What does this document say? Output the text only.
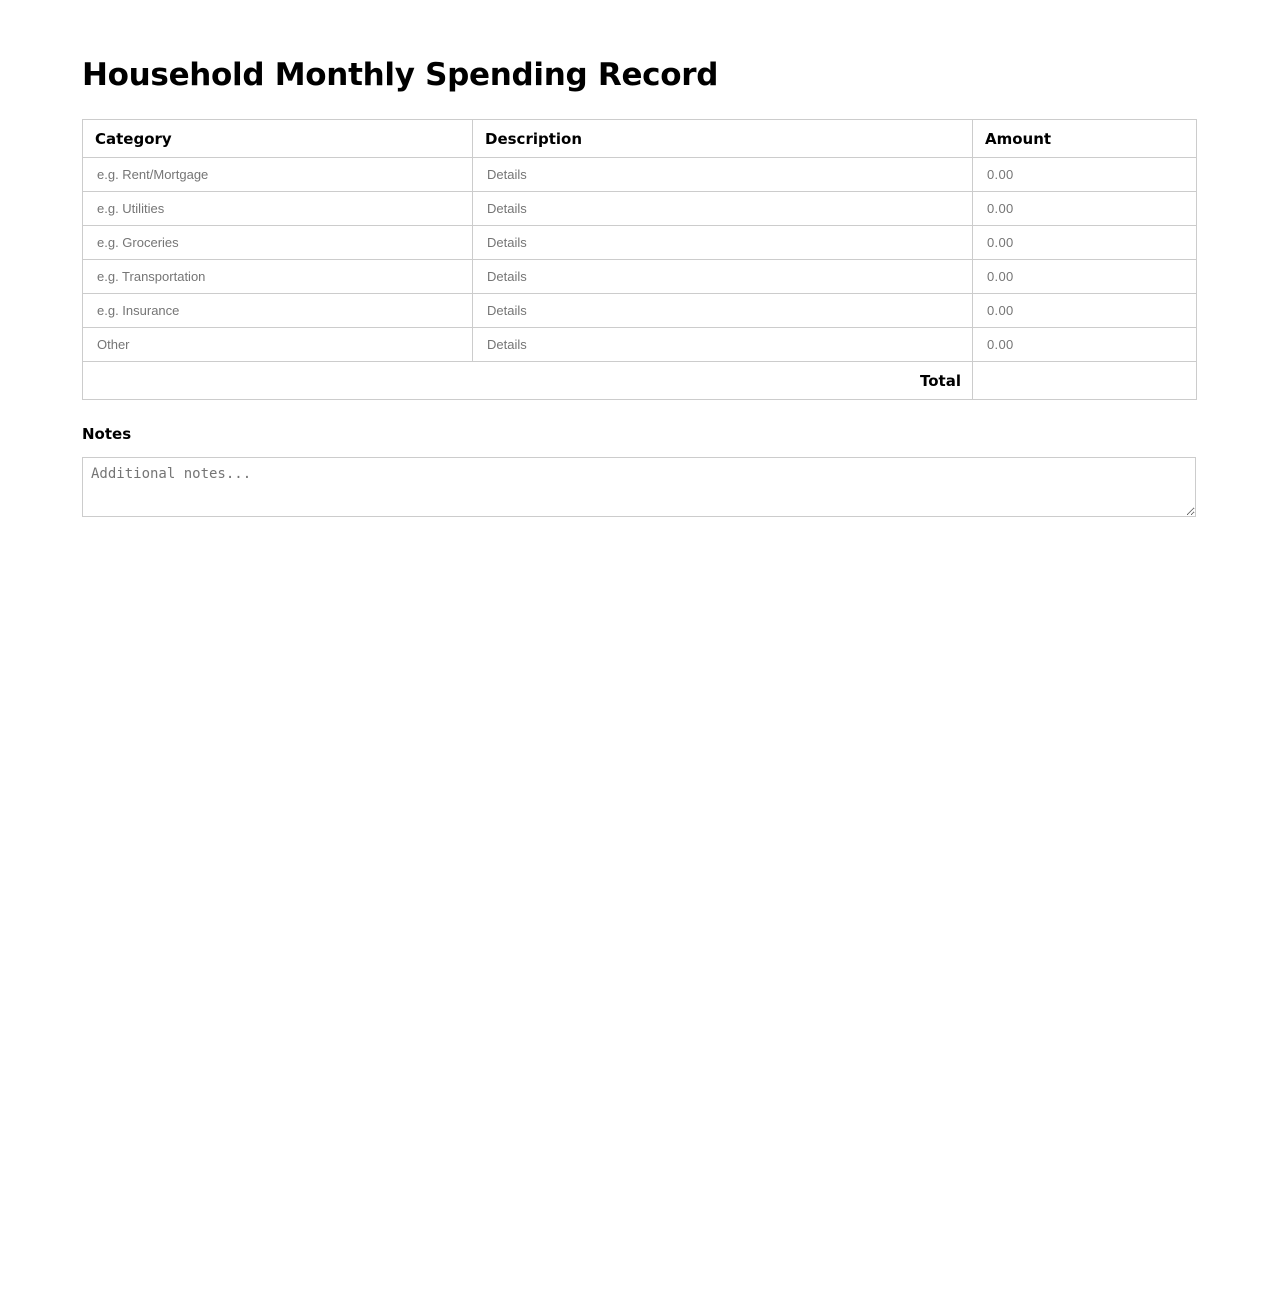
Household Monthly Spending Record
Category	Description	Amount
e.g. Rent/Mortgage	Details	0.00
e.g. Utilities	Details	0.00
e.g. Groceries	Details	0.00
e.g. Transportation	Details	0.00
e.g. Insurance	Details	0.00
Other	Details	0.00
Total		
Notes
Additional notes...
